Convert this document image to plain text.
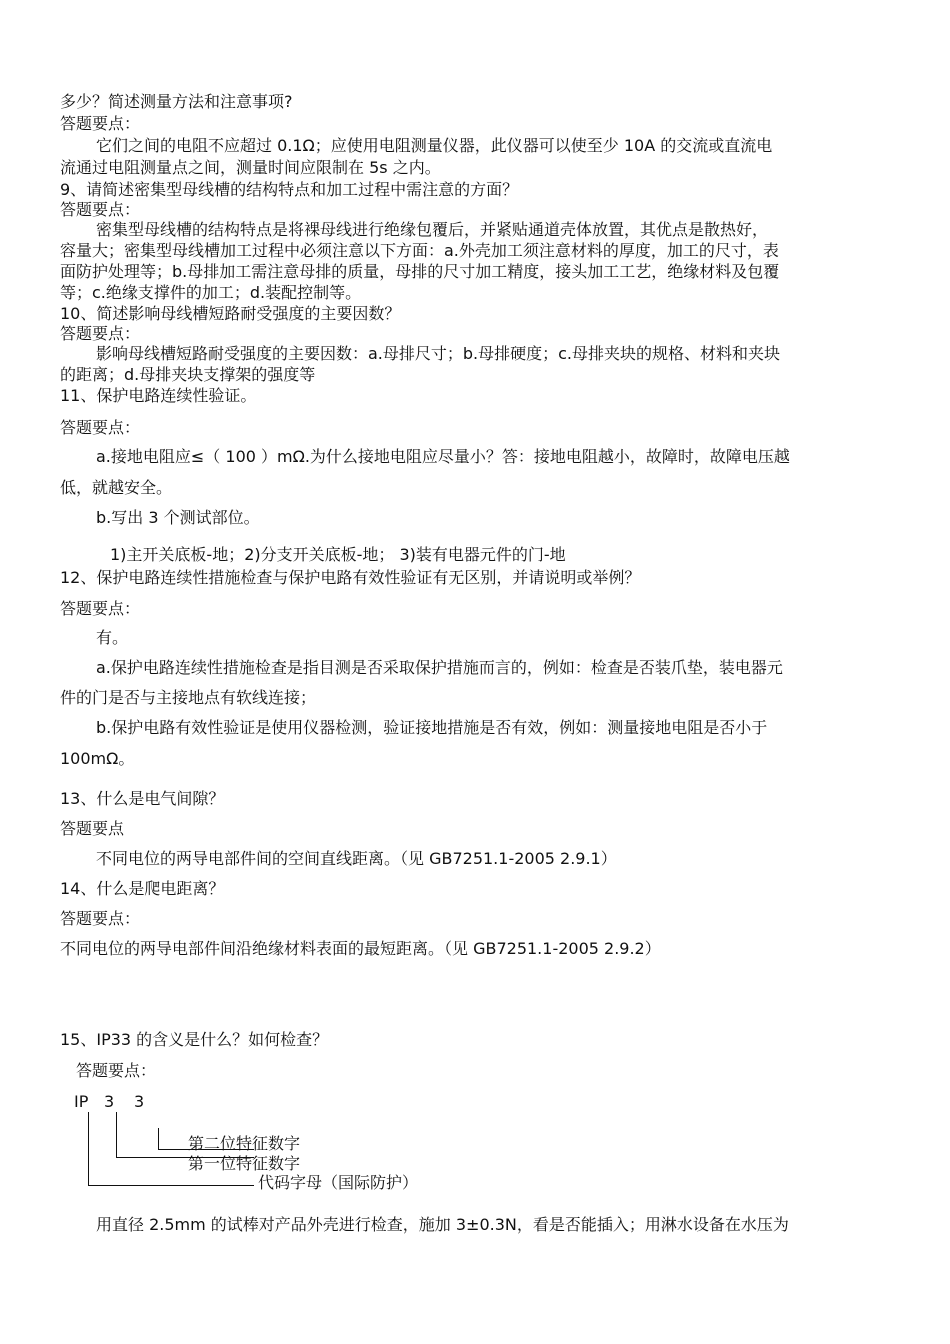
多少？简述测量方法和注意事项?
答题要点：
它们之间的电阻不应超过 0.1Ω；应使用电阻测量仪器，此仪器可以使至少 10A 的交流或直流电
流通过电阻测量点之间，测量时间应限制在 5s 之内。
9、请简述密集型母线槽的结构特点和加工过程中需注意的方面？
答题要点：
密集型母线槽的结构特点是将裸母线进行绝缘包覆后，并紧贴通道壳体放置，其优点是散热好，
容量大；密集型母线槽加工过程中必须注意以下方面：a.外壳加工须注意材料的厚度，加工的尺寸，表
面防护处理等；b.母排加工需注意母排的质量，母排的尺寸加工精度，接头加工工艺，绝缘材料及包覆
等；c.绝缘支撑件的加工；d.装配控制等。
10、简述影响母线槽短路耐受强度的主要因数？
答题要点：
影响母线槽短路耐受强度的主要因数：a.母排尺寸；b.母排硬度；c.母排夹块的规格、材料和夹块
的距离；d.母排夹块支撑架的强度等
11、保护电路连续性验证。
答题要点：
a.接地电阻应≤（ 100 ）mΩ.为什么接地电阻应尽量小？答：接地电阻越小，故障时，故障电压越
低，就越安全。
b.写出 3 个测试部位。
1)主开关底板-地；2)分支开关底板-地； 3)装有电器元件的门-地
12、保护电路连续性措施检查与保护电路有效性验证有无区别，并请说明或举例？
答题要点：
有。
a.保护电路连续性措施检查是指目测是否采取保护措施而言的，例如：检查是否装爪垫，装电器元
件的门是否与主接地点有软线连接；
b.保护电路有效性验证是使用仪器检测，验证接地措施是否有效，例如：测量接地电阻是否小于
100mΩ。
13、什么是电气间隙？
答题要点
不同电位的两导电部件间的空间直线距离。（见 GB7251.1-2005 2.9.1）
14、什么是爬电距离？
答题要点：
不同电位的两导电部件间沿绝缘材料表面的最短距离。（见 GB7251.1-2005 2.9.2）
15、IP33 的含义是什么？如何检查？
答题要点：
IP 3 3
第二位特征数字
第一位特征数字
代码字母（国际防护）
用直径 2.5mm 的试棒对产品外壳进行检查，施加 3±0.3N，看是否能插入；用淋水设备在水压为
